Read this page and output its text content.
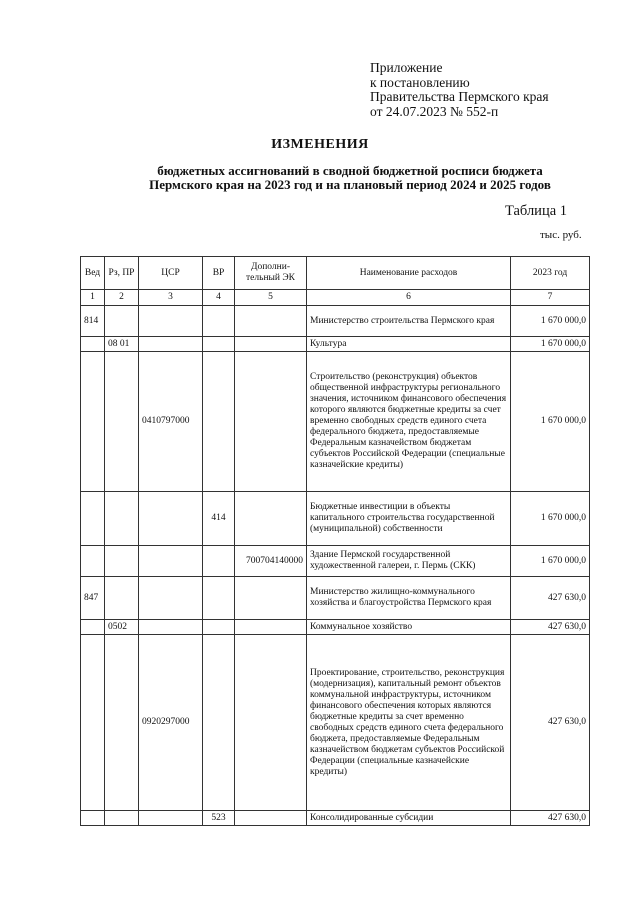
Приложение
к постановлению
Правительства Пермского края
от 24.07.2023 № 552-п
ИЗМЕНЕНИЯ
бюджетных ассигнований в сводной бюджетной росписи бюджета
Пермского края на 2023 год и на плановый период 2024 и 2025 годов
Таблица 1
тыс. руб.
Вед	Рз, ПР	ЦСР	ВР	Дополни-тельный ЭК	Наименование расходов	2023 год
1	2	3	4	5	6	7
814					Министерство строительства Пермского края	1 670 000,0
	08 01				Культура	1 670 000,0
		0410797000			Строительство (реконструкция) объектов общественной инфраструктуры регионального значения, источником финансового обеспечения которого являются бюджетные кредиты за счет временно свободных средств единого счета федерального бюджета, предоставляемые Федеральным казначейством бюджетам субъектов Российской Федерации (специальные казначейские кредиты)	1 670 000,0
			414		Бюджетные инвестиции в объекты капитального строительства государственной (муниципальной) собственности	1 670 000,0
				700704140000	Здание Пермской государственной художественной галереи, г. Пермь (СКК)	1 670 000,0
847					Министерство жилищно-коммунального хозяйства и благоустройства Пермского края	427 630,0
	0502				Коммунальное хозяйство	427 630,0
		0920297000			Проектирование, строительство, реконструкция (модернизация), капитальный ремонт объектов коммунальной инфраструктуры, источником финансового обеспечения которых являются бюджетные кредиты за счет временно свободных средств единого счета федерального бюджета, предоставляемые Федеральным казначейством бюджетам субъектов Российской Федерации (специальные казначейские кредиты)	427 630,0
			523		Консолидированные субсидии	427 630,0
